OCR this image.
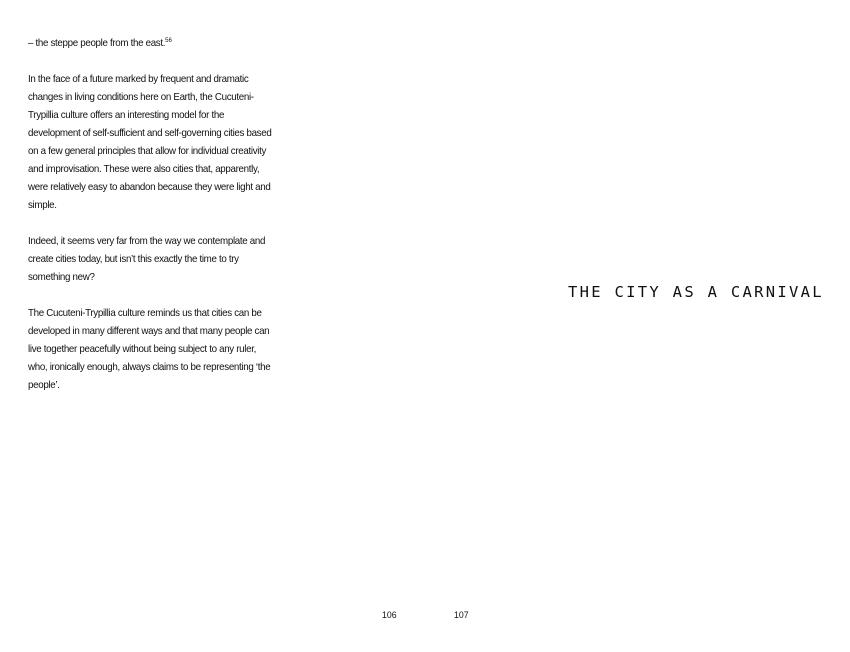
– the steppe people from the east.$^{56}$

In the face of a future marked by frequent and dramatic changes in living conditions here on Earth, the Cucuteni-Trypillia culture offers an interesting model for the development of self-sufficient and self-governing cities based on a few general principles that allow for individual creativity and improvisation. These were also cities that, apparently, were relatively easy to abandon because they were light and simple.

Indeed, it seems very far from the way we contemplate and create cities today, but isn’t this exactly the time to try something new?

The Cucuteni-Trypillia culture reminds us that cities can be developed in many different ways and that many people can live together peacefully without being subject to any ruler, who, ironically enough, always claims to be representing ‘the people’.

106
THE CITY AS A CARNIVAL
107
